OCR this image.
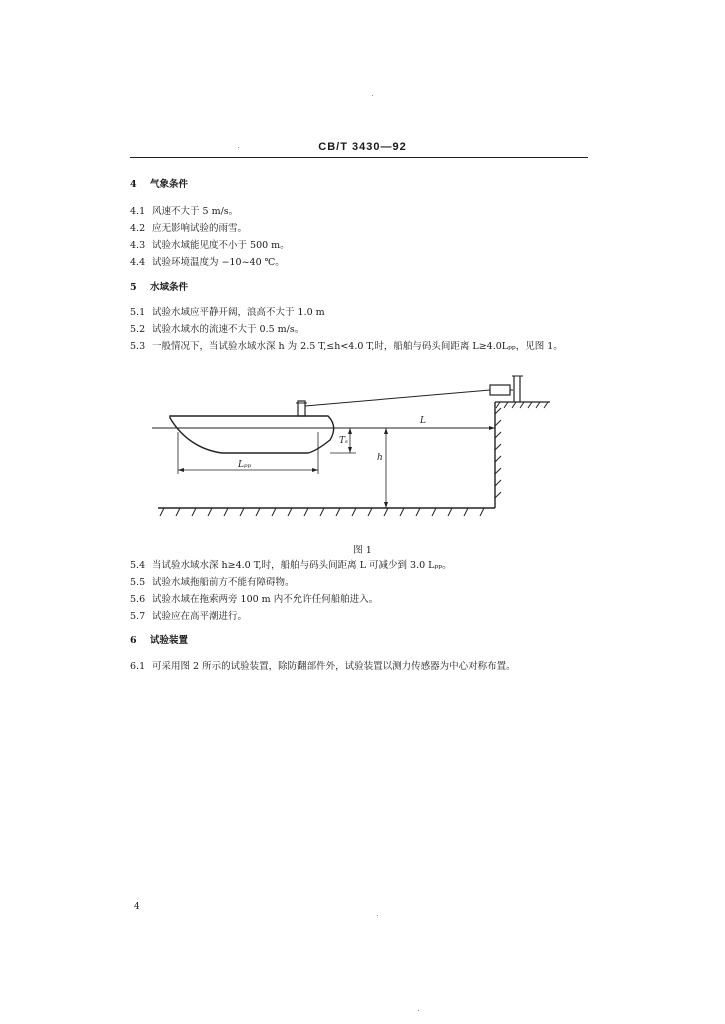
CB/T 3430—92
4 气象条件
4.1 风速不大于 5 m/s。
4.2 应无影响试验的雨雪。
4.3 试验水域能见度不小于 500 m。
4.4 试验环境温度为 −10~40 ℃。
5 水域条件
5.1 试验水域应平静开阔，浪高不大于 1.0 m
5.2 试验水域水的流速不大于 0.5 m/s。
5.3 一般情况下，当试验水域水深 h 为 2.5 T,≤h<4.0 T,时，船舶与码头间距离 L≥4.0Lₚₚ，见图 1。
L
Lₚₚ
Tₛ
h
图 1
5.4 当试验水域水深 h≥4.0 T,时，船舶与码头间距离 L 可减少到 3.0 Lₚₚ。
5.5 试验水域拖船前方不能有障碍物。
5.6 试验水域在拖索两旁 100 m 内不允许任何船舶进入。
5.7 试验应在高平潮进行。
6 试验装置
6.1 可采用图 2 所示的试验装置，除防翻部件外，试验装置以测力传感器为中心对称布置。
4
